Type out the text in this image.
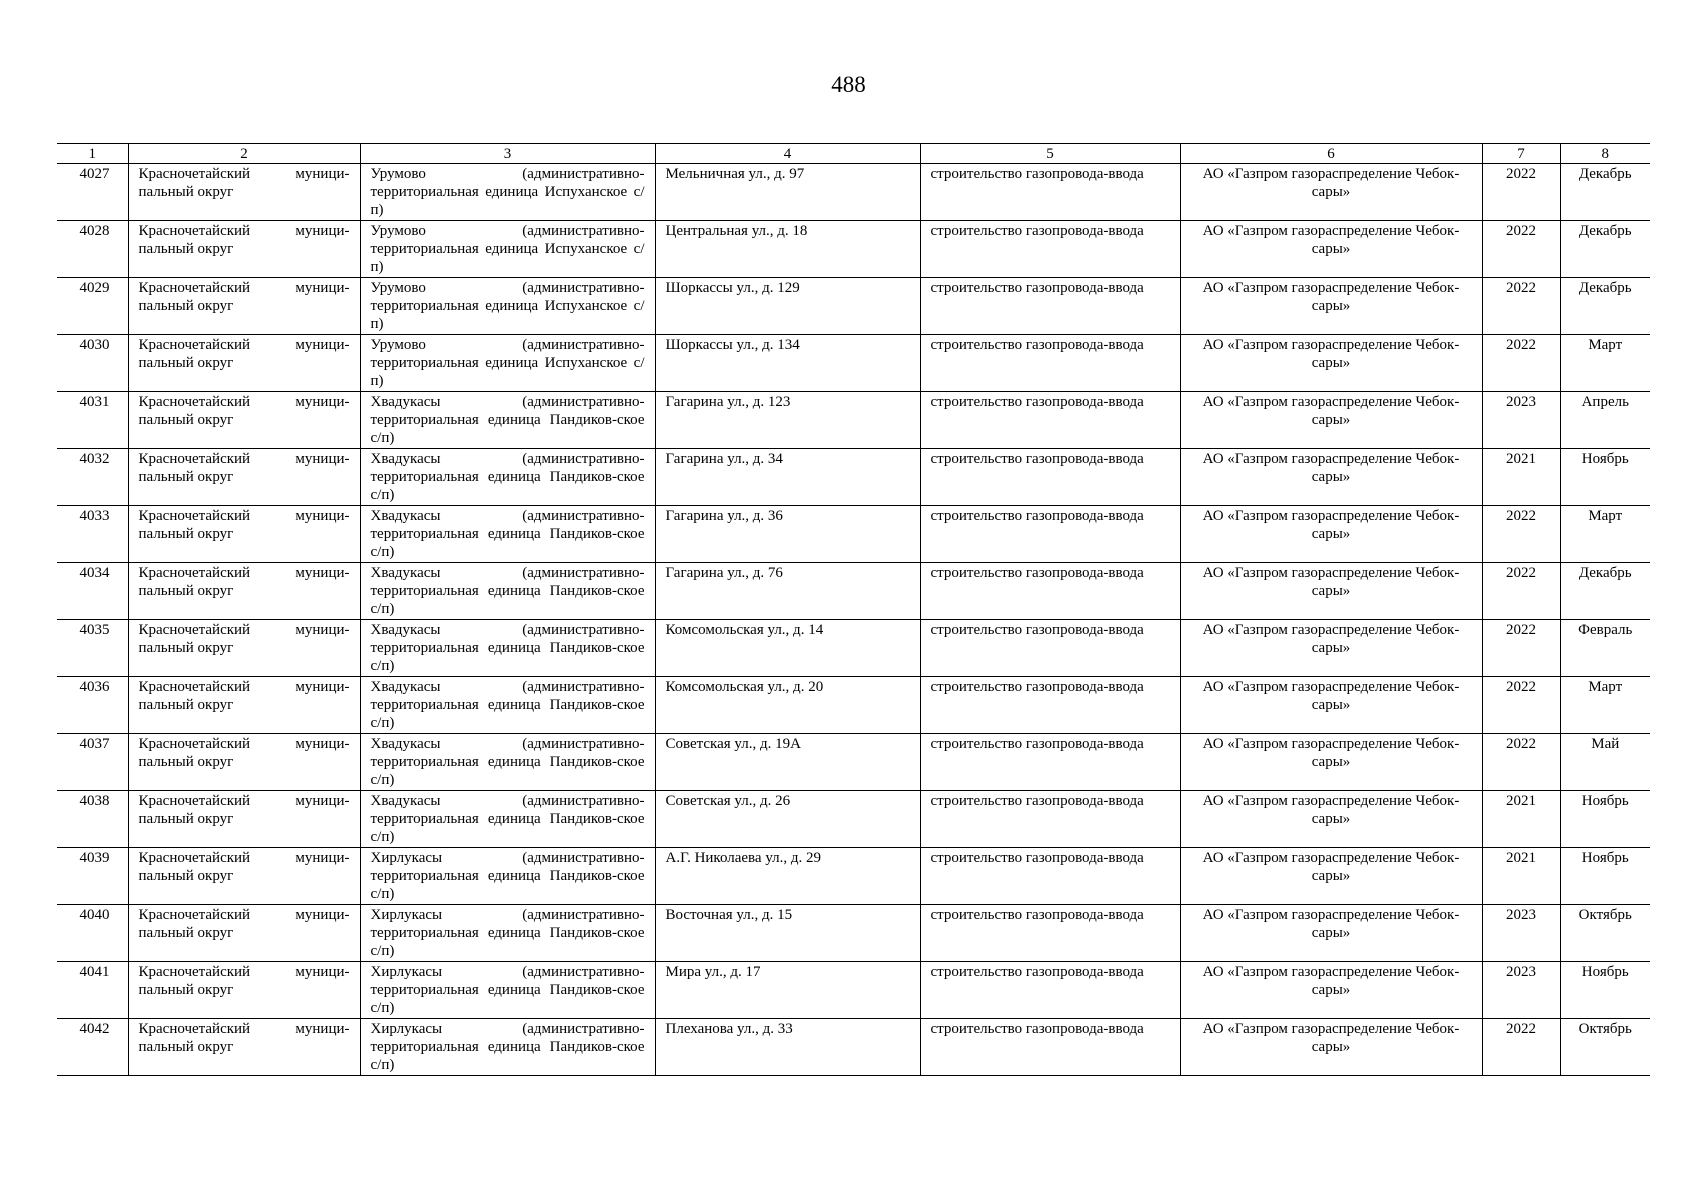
488
1	2	3	4	5	6	7	8
4027	Красночетайский муници-пальный округ	Урумово (административно-территориальная единица Испуханское с/п)	Мельничная ул., д. 97	строительство газопровода-ввода	АО «Газпром газораспределение Чебок-сары»	2022	Декабрь
4028	Красночетайский муници-пальный округ	Урумово (административно-территориальная единица Испуханское с/п)	Центральная ул., д. 18	строительство газопровода-ввода	АО «Газпром газораспределение Чебок-сары»	2022	Декабрь
4029	Красночетайский муници-пальный округ	Урумово (административно-территориальная единица Испуханское с/п)	Шоркассы ул., д. 129	строительство газопровода-ввода	АО «Газпром газораспределение Чебок-сары»	2022	Декабрь
4030	Красночетайский муници-пальный округ	Урумово (административно-территориальная единица Испуханское с/п)	Шоркассы ул., д. 134	строительство газопровода-ввода	АО «Газпром газораспределение Чебок-сары»	2022	Март
4031	Красночетайский муници-пальный округ	Хвадукасы (административно-территориальная единица Пандиков-ское с/п)	Гагарина ул., д. 123	строительство газопровода-ввода	АО «Газпром газораспределение Чебок-сары»	2023	Апрель
4032	Красночетайский муници-пальный округ	Хвадукасы (административно-территориальная единица Пандиков-ское с/п)	Гагарина ул., д. 34	строительство газопровода-ввода	АО «Газпром газораспределение Чебок-сары»	2021	Ноябрь
4033	Красночетайский муници-пальный округ	Хвадукасы (административно-территориальная единица Пандиков-ское с/п)	Гагарина ул., д. 36	строительство газопровода-ввода	АО «Газпром газораспределение Чебок-сары»	2022	Март
4034	Красночетайский муници-пальный округ	Хвадукасы (административно-территориальная единица Пандиков-ское с/п)	Гагарина ул., д. 76	строительство газопровода-ввода	АО «Газпром газораспределение Чебок-сары»	2022	Декабрь
4035	Красночетайский муници-пальный округ	Хвадукасы (административно-территориальная единица Пандиков-ское с/п)	Комсомольская ул., д. 14	строительство газопровода-ввода	АО «Газпром газораспределение Чебок-сары»	2022	Февраль
4036	Красночетайский муници-пальный округ	Хвадукасы (административно-территориальная единица Пандиков-ское с/п)	Комсомольская ул., д. 20	строительство газопровода-ввода	АО «Газпром газораспределение Чебок-сары»	2022	Март
4037	Красночетайский муници-пальный округ	Хвадукасы (административно-территориальная единица Пандиков-ское с/п)	Советская ул., д. 19А	строительство газопровода-ввода	АО «Газпром газораспределение Чебок-сары»	2022	Май
4038	Красночетайский муници-пальный округ	Хвадукасы (административно-территориальная единица Пандиков-ское с/п)	Советская ул., д. 26	строительство газопровода-ввода	АО «Газпром газораспределение Чебок-сары»	2021	Ноябрь
4039	Красночетайский муници-пальный округ	Хирлукасы (административно-территориальная единица Пандиков-ское с/п)	А.Г. Николаева ул., д. 29	строительство газопровода-ввода	АО «Газпром газораспределение Чебок-сары»	2021	Ноябрь
4040	Красночетайский муници-пальный округ	Хирлукасы (административно-территориальная единица Пандиков-ское с/п)	Восточная ул., д. 15	строительство газопровода-ввода	АО «Газпром газораспределение Чебок-сары»	2023	Октябрь
4041	Красночетайский муници-пальный округ	Хирлукасы (административно-территориальная единица Пандиков-ское с/п)	Мира ул., д. 17	строительство газопровода-ввода	АО «Газпром газораспределение Чебок-сары»	2023	Ноябрь
4042	Красночетайский муници-пальный округ	Хирлукасы (административно-территориальная единица Пандиков-ское с/п)	Плеханова ул., д. 33	строительство газопровода-ввода	АО «Газпром газораспределение Чебок-сары»	2022	Октябрь
